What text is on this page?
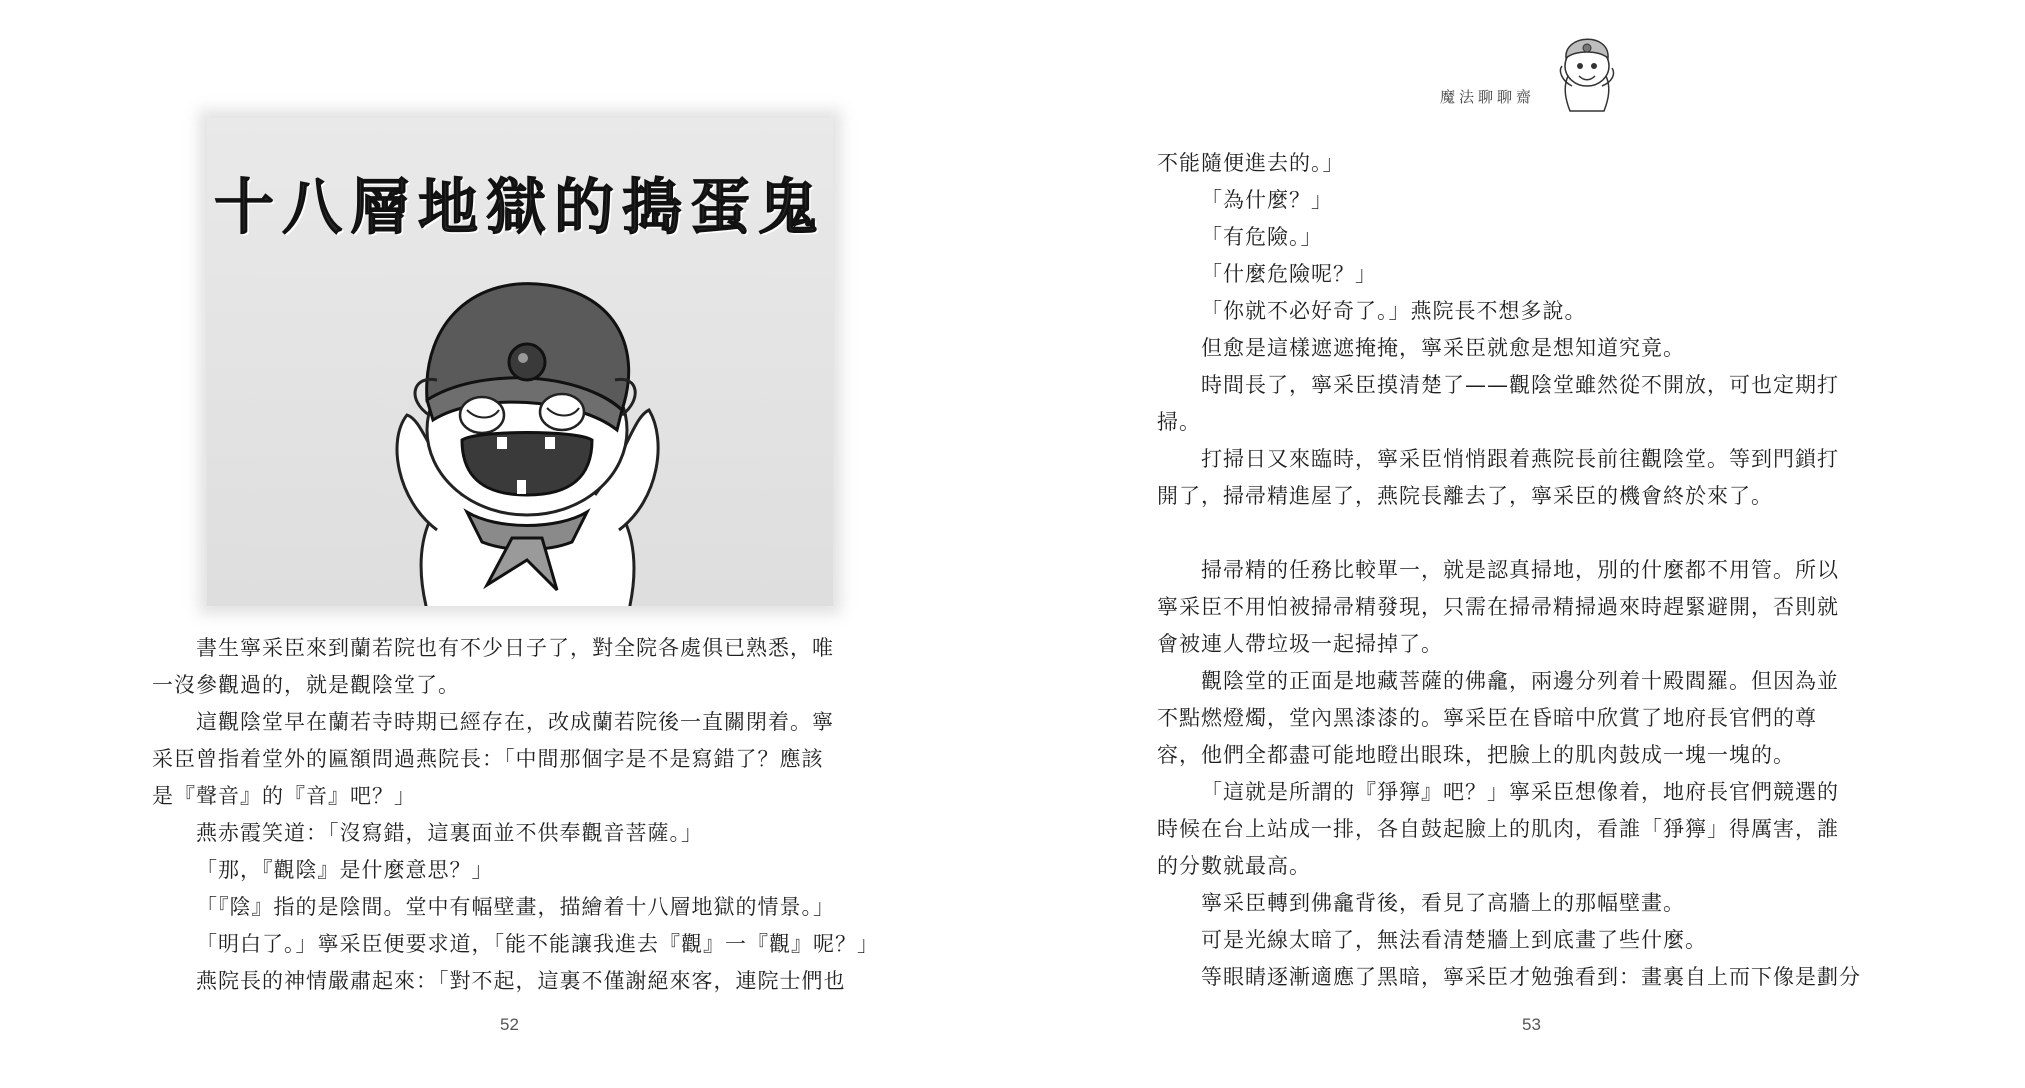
十八層地獄的搗蛋鬼

書生寧采臣來到蘭若院也有不少日子了，對全院各處俱已熟悉，唯

一沒參觀過的，就是觀陰堂了。

這觀陰堂早在蘭若寺時期已經存在，改成蘭若院後一直關閉着。寧

采臣曾指着堂外的匾額問過燕院長：「中間那個字是不是寫錯了？應該

是『聲音』的『音』吧？」

燕赤霞笑道：「沒寫錯，這裏面並不供奉觀音菩薩。」

「那，『觀陰』是什麼意思？」

「『陰』指的是陰間。堂中有幅壁畫，描繪着十八層地獄的情景。」

「明白了。」寧采臣便要求道，「能不能讓我進去『觀』一『觀』呢？」

燕院長的神情嚴肅起來：「對不起，這裏不僅謝絕來客，連院士們也

52
魔法聊聊齋

不能隨便進去的。」

「為什麼？」

「有危險。」

「什麼危險呢？」

「你就不必好奇了。」燕院長不想多說。

但愈是這樣遮遮掩掩，寧采臣就愈是想知道究竟。

時間長了，寧采臣摸清楚了——觀陰堂雖然從不開放，可也定期打

掃。

打掃日又來臨時，寧采臣悄悄跟着燕院長前往觀陰堂。等到門鎖打

開了，掃帚精進屋了，燕院長離去了，寧采臣的機會終於來了。

掃帚精的任務比較單一，就是認真掃地，別的什麼都不用管。所以

寧采臣不用怕被掃帚精發現，只需在掃帚精掃過來時趕緊避開，否則就

會被連人帶垃圾一起掃掉了。

觀陰堂的正面是地藏菩薩的佛龕，兩邊分列着十殿閻羅。但因為並

不點燃燈燭，堂內黑漆漆的。寧采臣在昏暗中欣賞了地府長官們的尊

容，他們全都盡可能地瞪出眼珠，把臉上的肌肉鼓成一塊一塊的。

「這就是所謂的『猙獰』吧？」寧采臣想像着，地府長官們競選的

時候在台上站成一排，各自鼓起臉上的肌肉，看誰「猙獰」得厲害，誰

的分數就最高。

寧采臣轉到佛龕背後，看見了高牆上的那幅壁畫。

可是光線太暗了，無法看清楚牆上到底畫了些什麼。

等眼睛逐漸適應了黑暗，寧采臣才勉強看到：畫裏自上而下像是劃分

53
